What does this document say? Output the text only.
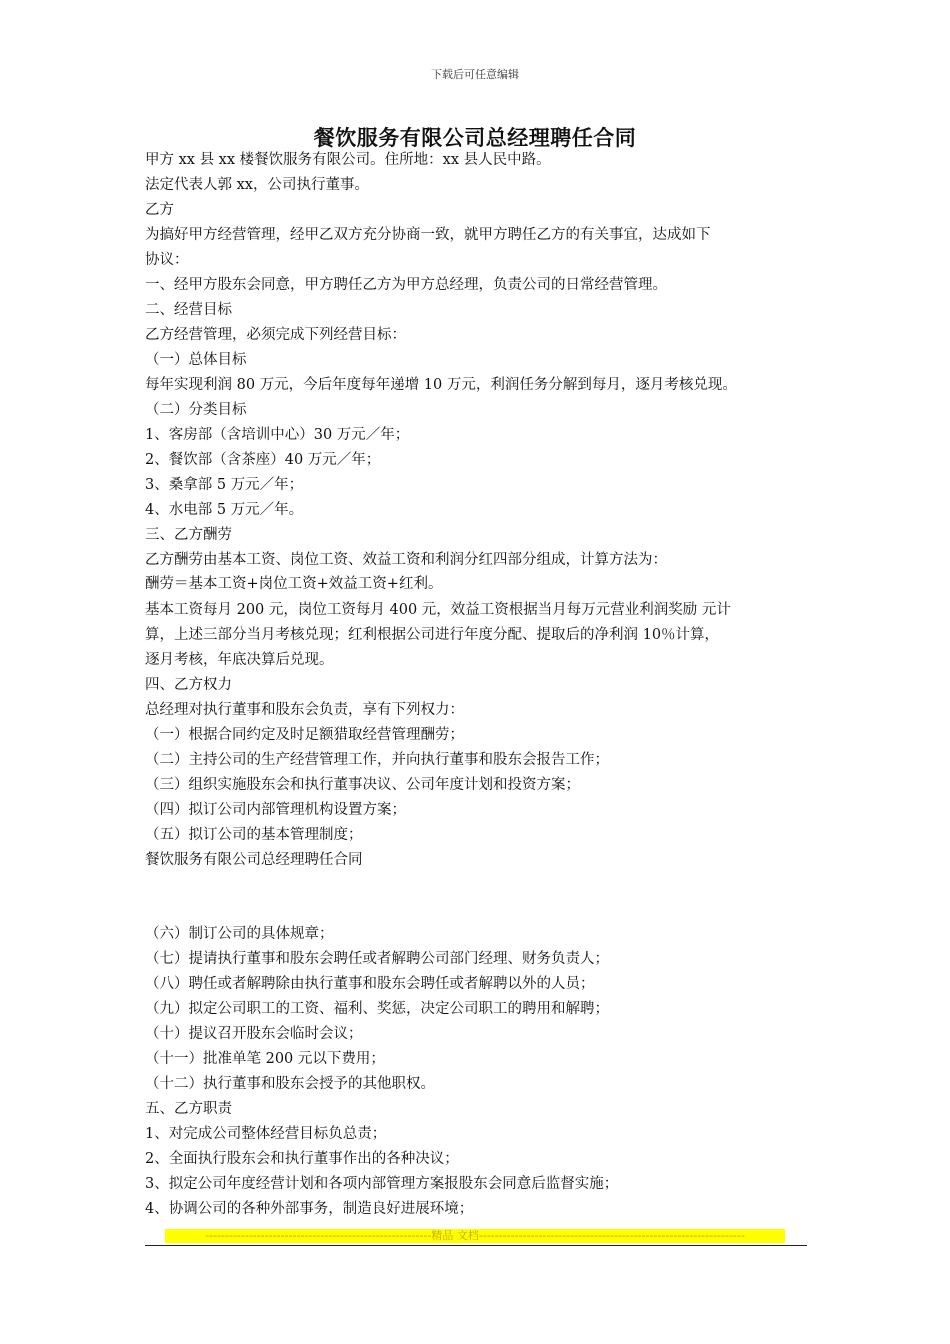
下载后可任意编辑
餐饮服务有限公司总经理聘任合同
甲方 xx 县 xx 楼餐饮服务有限公司。住所地：xx 县人民中路。
法定代表人郭 xx，公司执行董事。
乙方
为搞好甲方经营管理，经甲乙双方充分协商一致，就甲方聘任乙方的有关事宜，达成如下
协议：
一、经甲方股东会同意，甲方聘任乙方为甲方总经理，负责公司的日常经营管理。
二、经营目标
乙方经营管理，必须完成下列经营目标：
（一）总体目标
每年实现利润 80 万元，今后年度每年递增 10 万元，利润任务分解到每月，逐月考核兑现。
（二）分类目标
1、客房部（含培训中心）30 万元／年；
2、餐饮部（含茶座）40 万元／年；
3、桑拿部 5 万元／年；
4、水电部 5 万元／年。
三、乙方酬劳
乙方酬劳由基本工资、岗位工资、效益工资和利润分红四部分组成，计算方法为：
酬劳＝基本工资+岗位工资+效益工资+红利。
基本工资每月 200 元，岗位工资每月 400 元，效益工资根据当月每万元营业利润奖励 元计
算，上述三部分当月考核兑现；红利根据公司进行年度分配、提取后的净利润 10％计算，
逐月考核，年底决算后兑现。
四、乙方权力
总经理对执行董事和股东会负责，享有下列权力：
（一）根据合同约定及时足额猎取经营管理酬劳；
（二）主持公司的生产经营管理工作，并向执行董事和股东会报告工作；
（三）组织实施股东会和执行董事决议、公司年度计划和投资方案；
（四）拟订公司内部管理机构设置方案；
（五）拟订公司的基本管理制度；
餐饮服务有限公司总经理聘任合同
（六）制订公司的具体规章；
（七）提请执行董事和股东会聘任或者解聘公司部门经理、财务负责人；
（八）聘任或者解聘除由执行董事和股东会聘任或者解聘以外的人员；
（九）拟定公司职工的工资、福利、奖惩，决定公司职工的聘用和解聘；
（十）提议召开股东会临时会议；
（十一）批准单笔 200 元以下费用；
（十二）执行董事和股东会授予的其他职权。
五、乙方职责
1、对完成公司整体经营目标负总责；
2、全面执行股东会和执行董事作出的各种决议；
3、拟定公司年度经营计划和各项内部管理方案报股东会同意后监督实施；
4、协调公司的各种外部事务，制造良好进展环境；
---------------------------------------------------------精品 文档-------------------------------------------------------------------
